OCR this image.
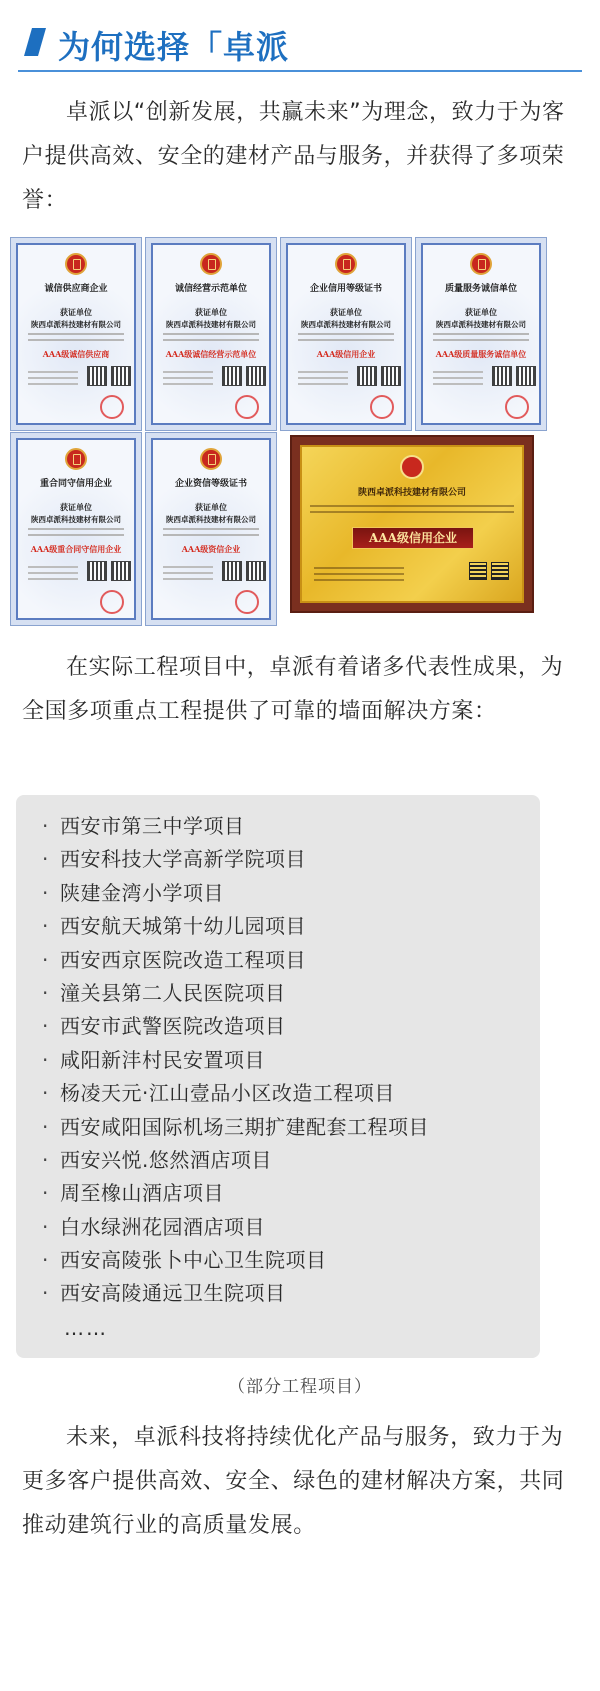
为何选择「卓派
卓派以“创新发展，共赢未来”为理念，致力于为客户提供高效、安全的建材产品与服务，并获得了多项荣誉：
诚信供应商企业
获证单位
陕西卓派科技建材有限公司
AAA级诚信供应商
诚信经营示范单位
获证单位
陕西卓派科技建材有限公司
AAA级诚信经营示范单位
企业信用等级证书
获证单位
陕西卓派科技建材有限公司
AAA级信用企业
质量服务诚信单位
获证单位
陕西卓派科技建材有限公司
AAA级质量服务诚信单位
重合同守信用企业
获证单位
陕西卓派科技建材有限公司
AAA级重合同守信用企业
企业资信等级证书
获证单位
陕西卓派科技建材有限公司
AAA级资信企业
陕西卓派科技建材有限公司
AAA级信用企业
在实际工程项目中，卓派有着诸多代表性成果，为全国多项重点工程提供了可靠的墙面解决方案：
· 西安市第三中学项目
· 西安科技大学高新学院项目
· 陕建金湾小学项目
· 西安航天城第十幼儿园项目
· 西安西京医院改造工程项目
· 潼关县第二人民医院项目
· 西安市武警医院改造项目
· 咸阳新沣村民安置项目
· 杨凌天元·江山壹品小区改造工程项目
· 西安咸阳国际机场三期扩建配套工程项目
· 西安兴悦.悠然酒店项目
· 周至橡山酒店项目
· 白水绿洲花园酒店项目
· 西安高陵张卜中心卫生院项目
· 西安高陵通远卫生院项目
……
（部分工程项目）
未来，卓派科技将持续优化产品与服务，致力于为更多客户提供高效、安全、绿色的建材解决方案，共同推动建筑行业的高质量发展。
